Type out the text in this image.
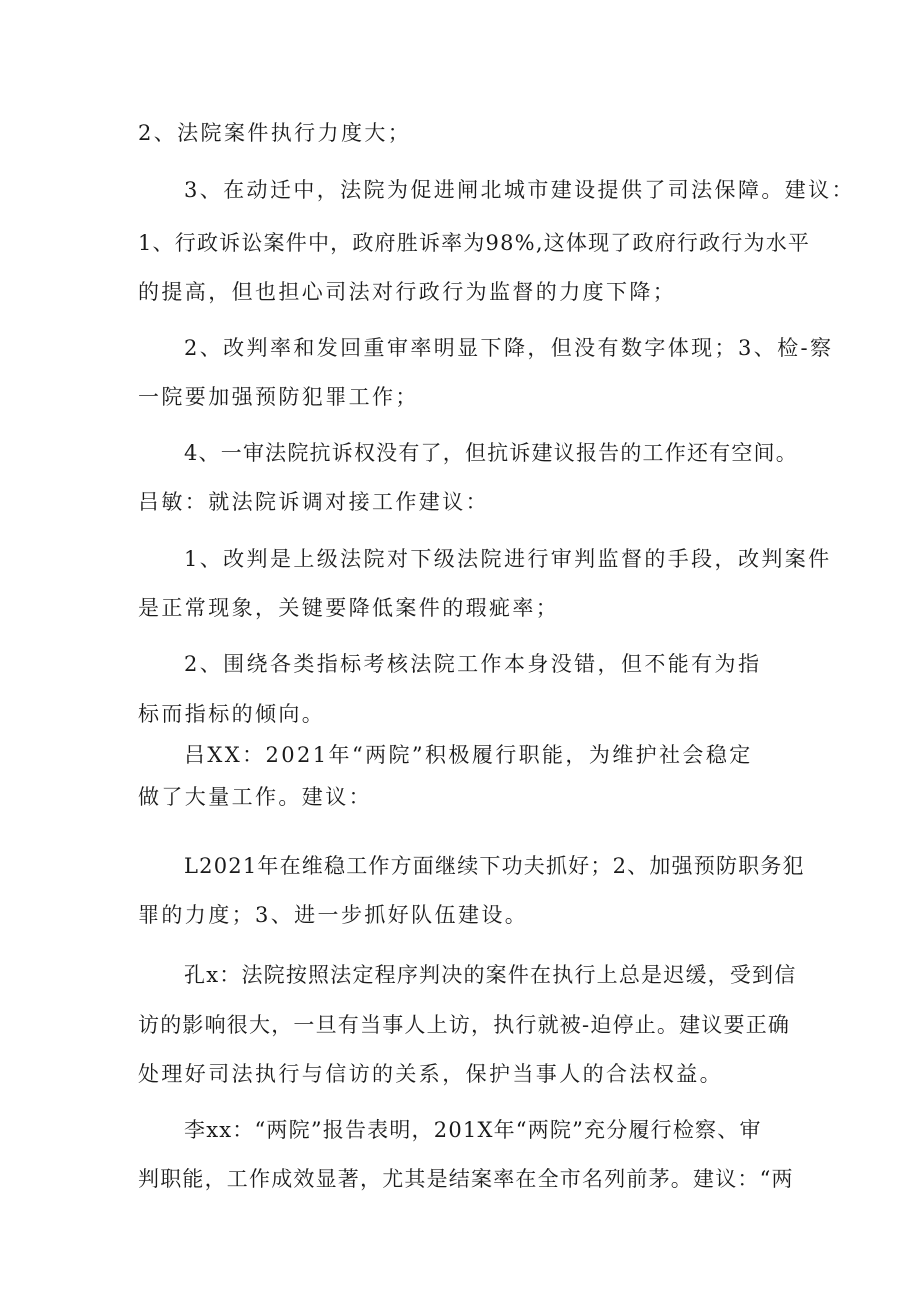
2、法院案件执行力度大；
3、在动迁中，法院为促进闸北城市建设提供了司法保障。建议：
1、行政诉讼案件中，政府胜诉率为98%,这体现了政府行政行为水平
的提高，但也担心司法对行政行为监督的力度下降；
2、改判率和发回重审率明显下降，但没有数字体现；3、检-察
一院要加强预防犯罪工作；
4、一审法院抗诉权没有了，但抗诉建议报告的工作还有空间。
吕敏：就法院诉调对接工作建议：
1、改判是上级法院对下级法院进行审判监督的手段，改判案件
是正常现象，关键要降低案件的瑕疵率；
2、围绕各类指标考核法院工作本身没错，但不能有为指
标而指标的倾向。
吕XX：2021年“两院”积极履行职能，为维护社会稳定
做了大量工作。建议：
L2021年在维稳工作方面继续下功夫抓好；2、加强预防职务犯
罪的力度；3、进一步抓好队伍建设。
孔x：法院按照法定程序判决的案件在执行上总是迟缓，受到信
访的影响很大，一旦有当事人上访，执行就被-迫停止。建议要正确
处理好司法执行与信访的关系，保护当事人的合法权益。
李xx：“两院”报告表明，201X年“两院”充分履行检察、审
判职能，工作成效显著，尤其是结案率在全市名列前茅。建议：“两
